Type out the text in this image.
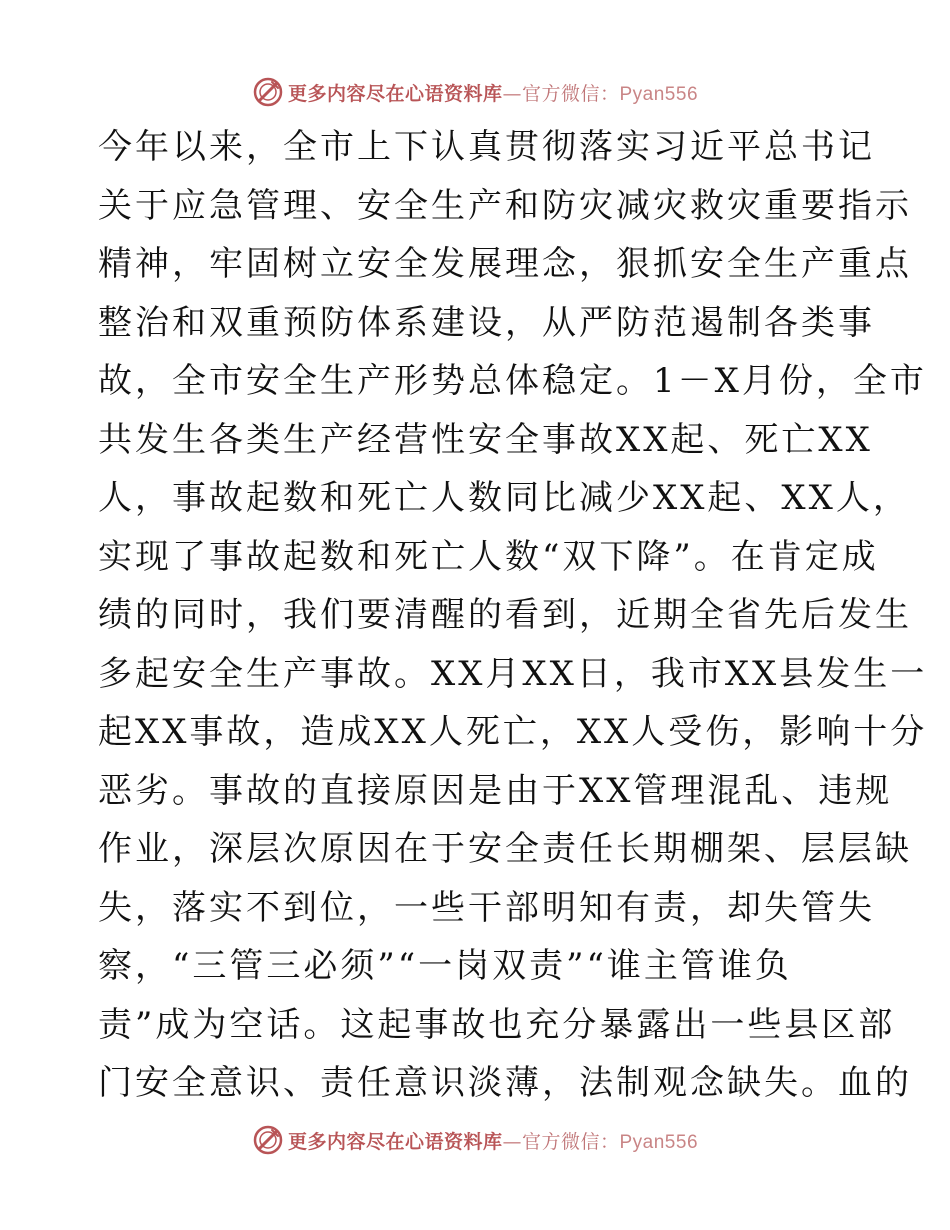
更多内容尽在心语资料库—官方微信：Pyan556
今年以来，全市上下认真贯彻落实习近平总书记
关于应急管理、安全生产和防灾减灾救灾重要指示
精神，牢固树立安全发展理念，狠抓安全生产重点
整治和双重预防体系建设，从严防范遏制各类事
故，全市安全生产形势总体稳定。1－X月份，全市
共发生各类生产经营性安全事故XX起、死亡XX
人，事故起数和死亡人数同比减少XX起、XX人，
实现了事故起数和死亡人数“双下降”。在肯定成
绩的同时，我们要清醒的看到，近期全省先后发生
多起安全生产事故。XX月XX日，我市XX县发生一
起XX事故，造成XX人死亡，XX人受伤，影响十分
恶劣。事故的直接原因是由于XX管理混乱、违规
作业，深层次原因在于安全责任长期棚架、层层缺
失，落实不到位，一些干部明知有责，却失管失
察，“三管三必须”“一岗双责”“谁主管谁负
责”成为空话。这起事故也充分暴露出一些县区部
门安全意识、责任意识淡薄，法制观念缺失。血的
更多内容尽在心语资料库—官方微信：Pyan556
